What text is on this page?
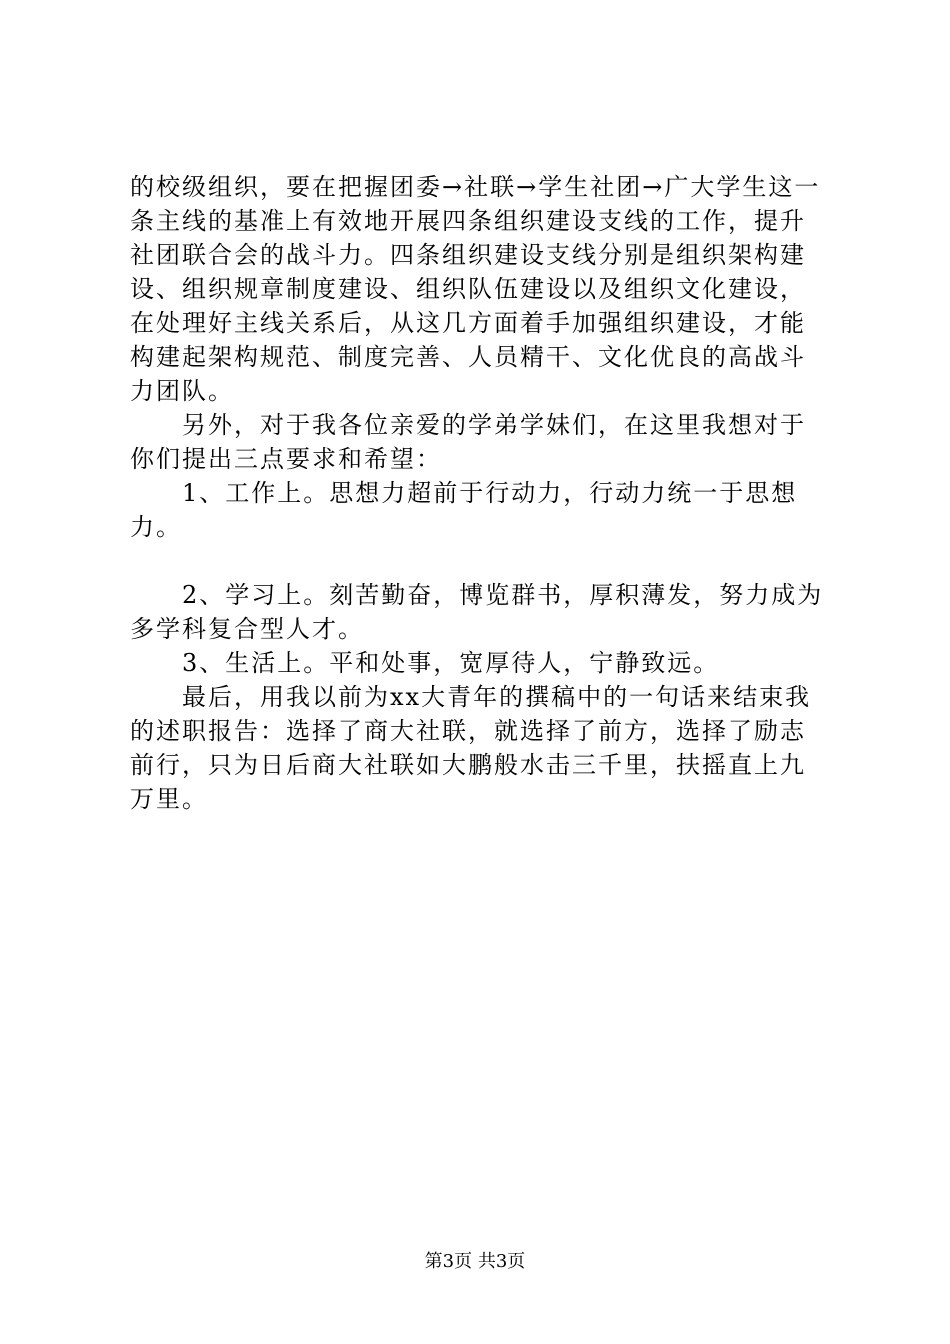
的校级组织，要在把握团委→社联→学生社团→广大学生这一条主线的基准上有效地开展四条组织建设支线的工作，提升社团联合会的战斗力。四条组织建设支线分别是组织架构建设、组织规章制度建设、组织队伍建设以及组织文化建设，在处理好主线关系后，从这几方面着手加强组织建设，才能构建起架构规范、制度完善、人员精干、文化优良的高战斗力团队。

　　另外，对于我各位亲爱的学弟学妹们，在这里我想对于你们提出三点要求和希望：

　　1、工作上。思想力超前于行动力，行动力统一于思想力。

　　2、学习上。刻苦勤奋，博览群书，厚积薄发，努力成为多学科复合型人才。

　　3、生活上。平和处事，宽厚待人，宁静致远。

　　最后，用我以前为xx大青年的撰稿中的一句话来结束我的述职报告：选择了商大社联，就选择了前方，选择了励志前行，只为日后商大社联如大鹏般水击三千里，扶摇直上九万里。

第3页 共3页
